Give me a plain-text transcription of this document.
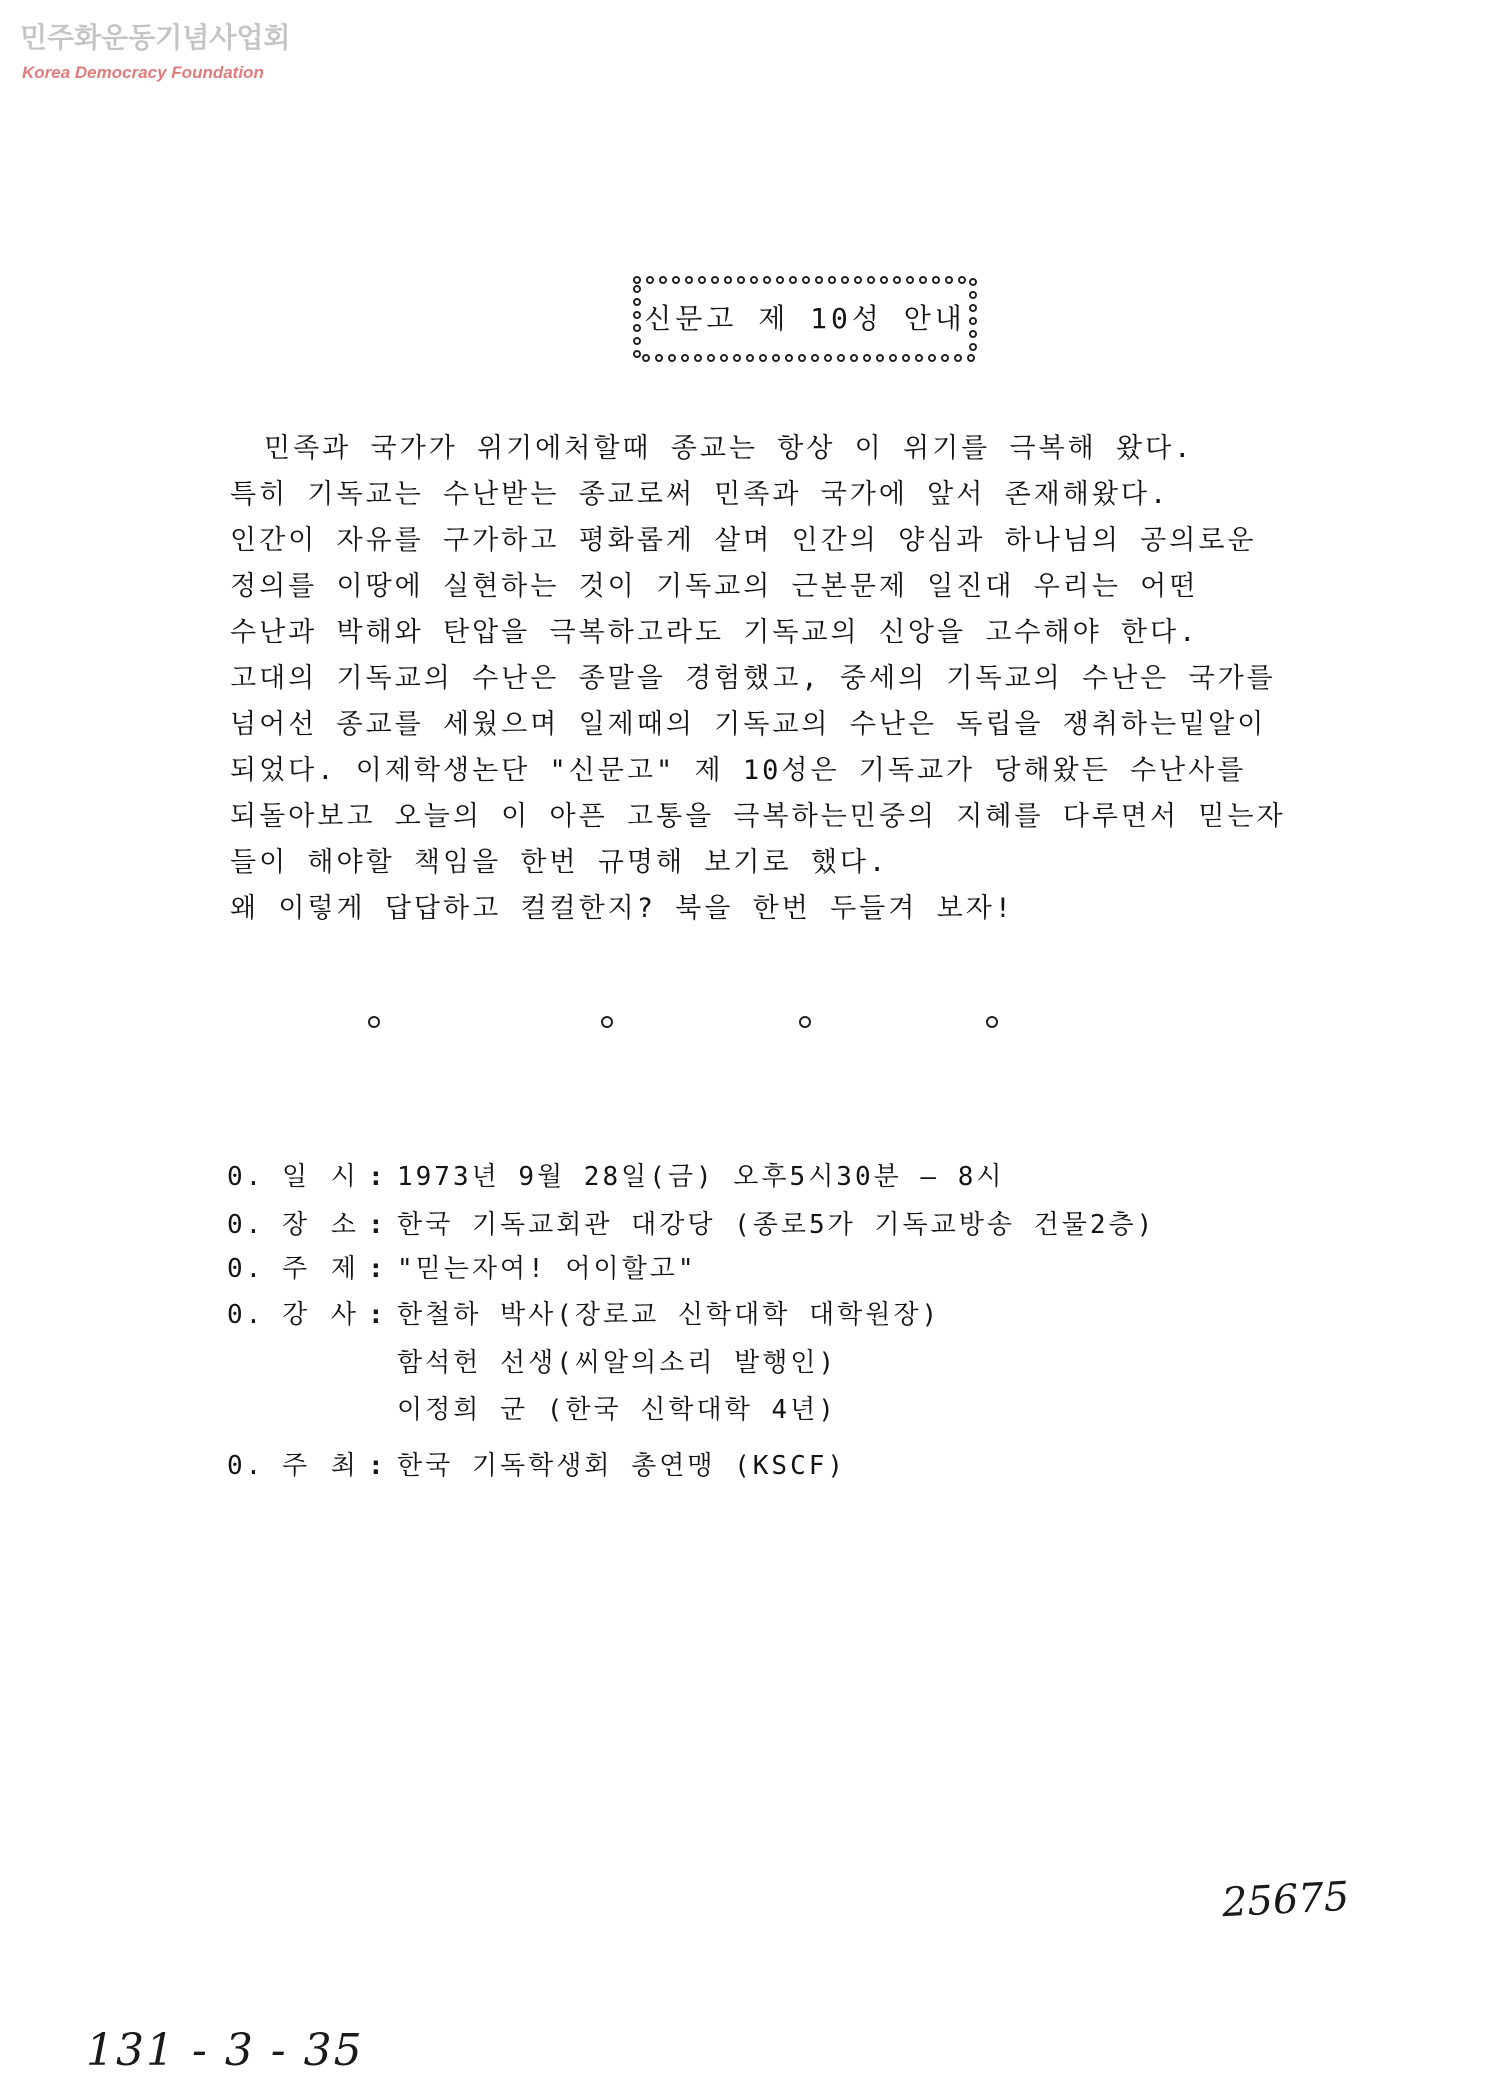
민주화운동기념사업회
Korea Democracy Foundation
신문고 제 10성 안내
민족과 국가가 위기에처할때 종교는 항상 이 위기를 극복해 왔다.
특히 기독교는 수난받는 종교로써 민족과 국가에 앞서 존재해왔다.
인간이 자유를 구가하고 평화롭게 살며 인간의 양심과 하나님의 공의로운
정의를 이땅에 실현하는 것이 기독교의 근본문제 일진대 우리는 어떤
수난과 박해와 탄압을 극복하고라도 기독교의 신앙을 고수해야 한다.
고대의 기독교의 수난은 종말을 경험했고, 중세의 기독교의 수난은 국가를
넘어선 종교를 세웠으며 일제때의 기독교의 수난은 독립을 쟁취하는밑알이
되었다. 이제학생논단 "신문고" 제 10성은 기독교가 당해왔든 수난사를
되돌아보고 오늘의 이 아픈 고통을 극복하는민중의 지혜를 다루면서 믿는자
들이 해야할 책임을 한번 규명해 보기로 했다.
왜 이렇게 답답하고 컬컬한지? 북을 한번 두들겨 보자!
0. 일 시 : 1973년 9월 28일(금) 오후5시30분 — 8시
0. 장 소 : 한국 기독교회관 대강당 (종로5가 기독교방송 건물2층)
0. 주 제 : "믿는자여! 어이할고"
0. 강 사 : 한철하 박사(장로교 신학대학 대학원장)
함석헌 선생(씨알의소리 발행인)
이정희 군 (한국 신학대학 4년)
0. 주 최 : 한국 기독학생회 총연맹 (KSCF)
25675
131 - 3 - 35
